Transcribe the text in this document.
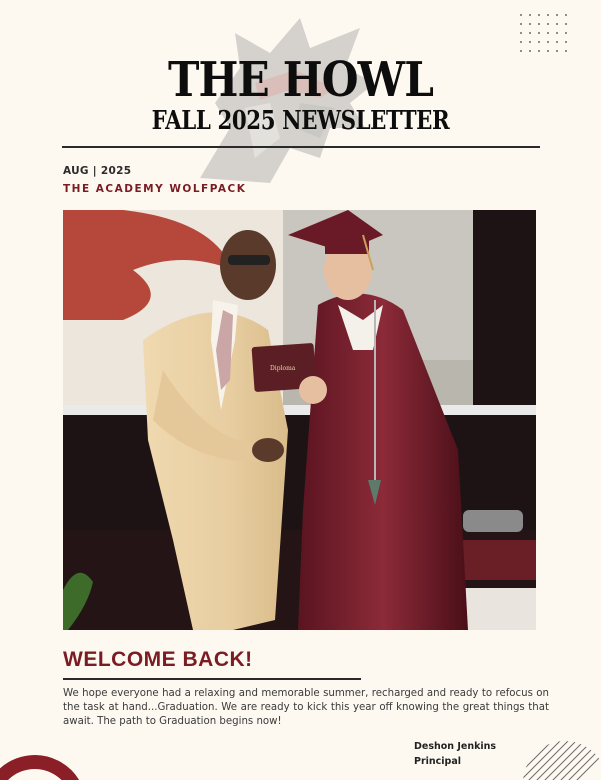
THE HOWL
FALL 2025 NEWSLETTER
AUG | 2025
THE ACADEMY WOLFPACK
Diploma
WELCOME BACK!
We hope everyone had a relaxing and memorable summer, recharged and ready to refocus on the task at hand...Graduation. We are ready to kick this year off knowing the great things that await. The path to Graduation begins now!
Deshon Jenkins
Principal
